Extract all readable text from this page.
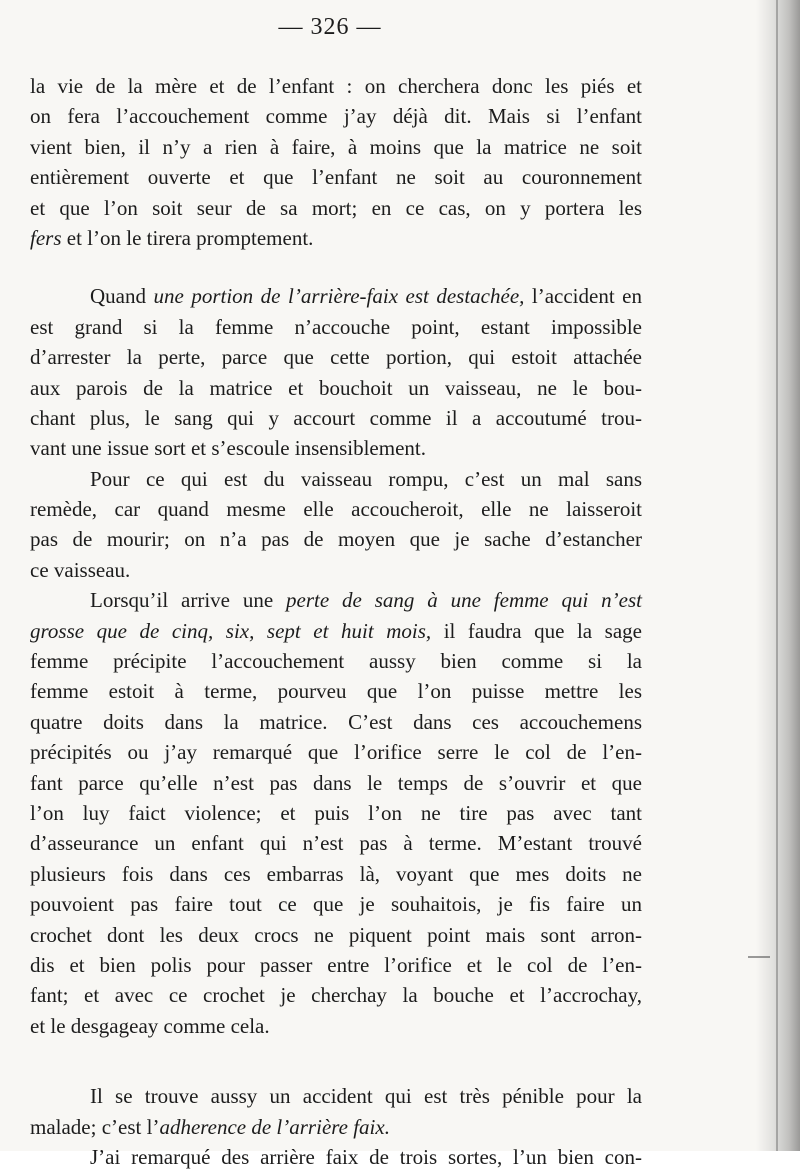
— 326 —
la vie de la mère et de l’enfant : on cherchera donc les piés et
on fera l’accouchement comme j’ay déjà dit. Mais si l’enfant
vient bien, il n’y a rien à faire, à moins que la matrice ne soit
entièrement ouverte et que l’enfant ne soit au couronnement
et que l’on soit seur de sa mort; en ce cas, on y portera les
fers et l’on le tirera promptement.
Quand une portion de l’arrière-faix est destachée, l’accident en
est grand si la femme n’accouche point, estant impossible
d’arrester la perte, parce que cette portion, qui estoit attachée
aux parois de la matrice et bouchoit un vaisseau, ne le bou-
chant plus, le sang qui y accourt comme il a accoutumé trou-
vant une issue sort et s’escoule insensiblement.
Pour ce qui est du vaisseau rompu, c’est un mal sans
remède, car quand mesme elle accoucheroit, elle ne laisseroit
pas de mourir; on n’a pas de moyen que je sache d’estancher
ce vaisseau.
Lorsqu’il arrive une perte de sang à une femme qui n’est
grosse que de cinq, six, sept et huit mois, il faudra que la sage
femme précipite l’accouchement aussy bien comme si la
femme estoit à terme, pourveu que l’on puisse mettre les
quatre doits dans la matrice. C’est dans ces accouchemens
précipités ou j’ay remarqué que l’orifice serre le col de l’en-
fant parce qu’elle n’est pas dans le temps de s’ouvrir et que
l’on luy faict violence; et puis l’on ne tire pas avec tant
d’asseurance un enfant qui n’est pas à terme. M’estant trouvé
plusieurs fois dans ces embarras là, voyant que mes doits ne
pouvoient pas faire tout ce que je souhaitois, je fis faire un
crochet dont les deux crocs ne piquent point mais sont arron-
dis et bien polis pour passer entre l’orifice et le col de l’en-
fant; et avec ce crochet je cherchay la bouche et l’accrochay,
et le desgageay comme cela.
Il se trouve aussy un accident qui est très pénible pour la
malade; c’est l’adherence de l’arrière faix.
J’ai remarqué des arrière faix de trois sortes, l’un bien con-
